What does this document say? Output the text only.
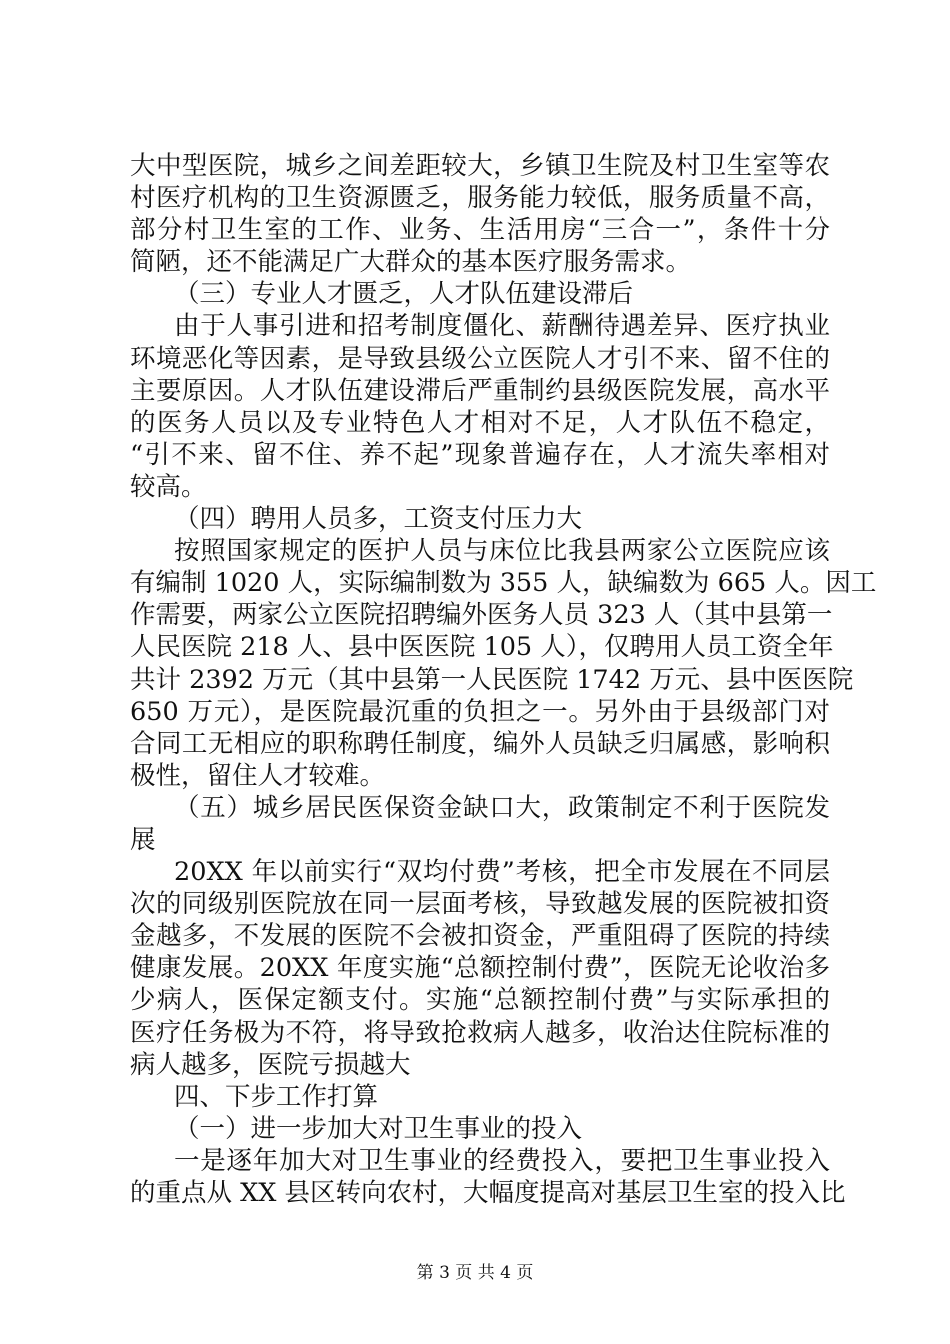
大中型医院，城乡之间差距较大，乡镇卫生院及村卫生室等农
村医疗机构的卫生资源匮乏，服务能力较低，服务质量不高，
部分村卫生室的工作、业务、生活用房“三合一”，条件十分
简陋，还不能满足广大群众的基本医疗服务需求。
（三）专业人才匮乏，人才队伍建设滞后
由于人事引进和招考制度僵化、薪酬待遇差异、医疗执业
环境恶化等因素，是导致县级公立医院人才引不来、留不住的
主要原因。人才队伍建设滞后严重制约县级医院发展，高水平
的医务人员以及专业特色人才相对不足，人才队伍不稳定，
“引不来、留不住、养不起”现象普遍存在，人才流失率相对
较高。
（四）聘用人员多，工资支付压力大
按照国家规定的医护人员与床位比我县两家公立医院应该
有编制 1020 人，实际编制数为 355 人，缺编数为 665 人。因工
作需要，两家公立医院招聘编外医务人员 323 人（其中县第一
人民医院 218 人、县中医医院 105 人），仅聘用人员工资全年
共计 2392 万元（其中县第一人民医院 1742 万元、县中医医院
650 万元），是医院最沉重的负担之一。另外由于县级部门对
合同工无相应的职称聘任制度，编外人员缺乏归属感，影响积
极性，留住人才较难。
（五）城乡居民医保资金缺口大，政策制定不利于医院发
展
20XX 年以前实行“双均付费”考核，把全市发展在不同层
次的同级别医院放在同一层面考核，导致越发展的医院被扣资
金越多，不发展的医院不会被扣资金，严重阻碍了医院的持续
健康发展。20XX 年度实施“总额控制付费”，医院无论收治多
少病人，医保定额支付。实施“总额控制付费”与实际承担的
医疗任务极为不符，将导致抢救病人越多，收治达住院标准的
病人越多，医院亏损越大
四、下步工作打算
（一）进一步加大对卫生事业的投入
一是逐年加大对卫生事业的经费投入，要把卫生事业投入
的重点从 XX 县区转向农村，大幅度提高对基层卫生室的投入比
第 3 页 共 4 页
